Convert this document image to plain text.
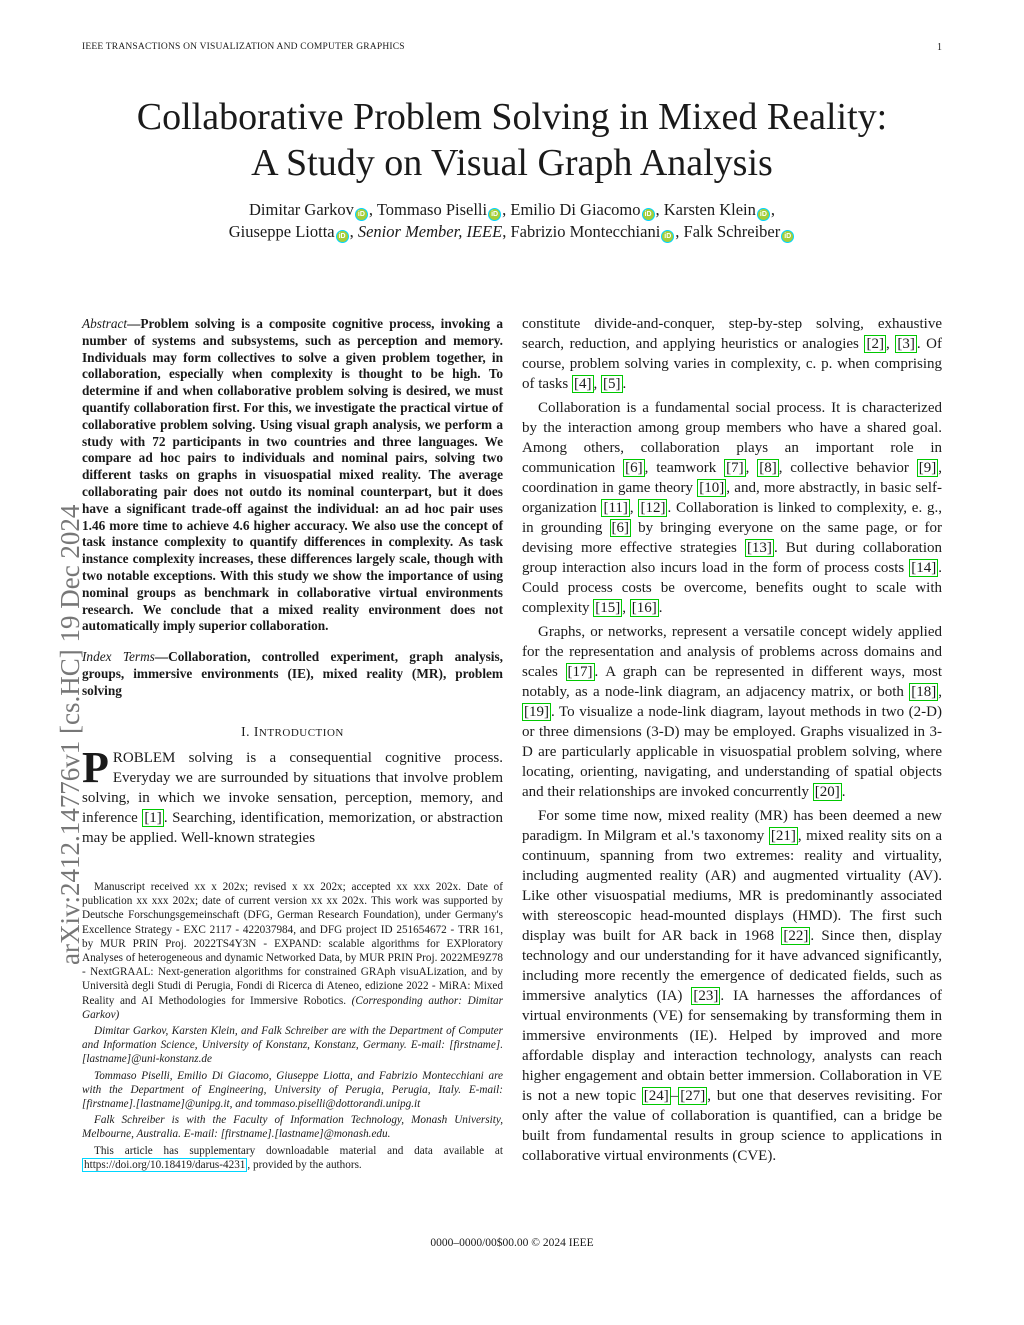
IEEE TRANSACTIONS ON VISUALIZATION AND COMPUTER GRAPHICS	1
arXiv:2412.14776v1 [cs.HC] 19 Dec 2024
Collaborative Problem Solving in Mixed Reality:
A Study on Visual Graph Analysis
Dimitar Garkov iD , Tommaso Piselli iD , Emilio Di Giacomo iD , Karsten Klein iD ,
Giuseppe Liotta iD , Senior Member, IEEE, Fabrizio Montecchiani iD , Falk Schreiber iD

Abstract—Problem solving is a composite cognitive process, invoking a number of systems and subsystems, such as perception and memory. Individuals may form collectives to solve a given problem together, in collaboration, especially when complexity is thought to be high. To determine if and when collaborative problem solving is desired, we must quantify collaboration first. For this, we investigate the practical virtue of collaborative problem solving. Using visual graph analysis, we perform a study with 72 participants in two countries and three languages. We compare ad hoc pairs to individuals and nominal pairs, solving two different tasks on graphs in visuospatial mixed reality. The average collaborating pair does not outdo its nominal counterpart, but it does have a significant trade-off against the individual: an ad hoc pair uses 1.46 more time to achieve 4.6 higher accuracy. We also use the concept of task instance complexity to quantify differences in complexity. As task instance complexity increases, these differences largely scale, though with two notable exceptions. With this study we show the importance of using nominal groups as benchmark in collaborative virtual environments research. We conclude that a mixed reality environment does not automatically imply superior collaboration.

Index Terms—Collaboration, controlled experiment, graph analysis, groups, immersive environments (IE), mixed reality (MR), problem solving

I. INTRODUCTION

PROBLEM solving is a consequential cognitive process. Everyday we are surrounded by situations that involve problem solving, in which we invoke sensation, perception, memory, and inference [1] . Searching, identification, memorization, or abstraction may be applied. Well-known strategies

Manuscript received xx x 202x; revised x xx 202x; accepted xx xxx 202x. Date of publication xx xxx 202x; date of current version xx xx 202x. This work was supported by Deutsche Forschungsgemeinschaft (DFG, German Research Foundation), under Germany's Excellence Strategy - EXC 2117 - 422037984, and DFG project ID 251654672 - TRR 161, by MUR PRIN Proj. 2022TS4Y3N - EXPAND: scalable algorithms for EXPloratory Analyses of heterogeneous and dynamic Networked Data, by MUR PRIN Proj. 2022ME9Z78 - NextGRAAL: Next-generation algorithms for constrained GRAph visuALization, and by Università degli Studi di Perugia, Fondi di Ricerca di Ateneo, edizione 2022 - MiRA: Mixed Reality and AI Methodologies for Immersive Robotics. (Corresponding author: Dimitar Garkov)

Dimitar Garkov, Karsten Klein, and Falk Schreiber are with the Department of Computer and Information Science, University of Konstanz, Konstanz, Germany. E-mail: [firstname].[lastname]@uni-konstanz.de

Tommaso Piselli, Emilio Di Giacomo, Giuseppe Liotta, and Fabrizio Montecchiani are with the Department of Engineering, University of Perugia, Perugia, Italy. E-mail: [firstname].[lastname]@unipg.it, and tommaso.piselli@dottorandi.unipg.it

Falk Schreiber is with the Faculty of Information Technology, Monash University, Melbourne, Australia. E-mail: [firstname].[lastname]@monash.edu.

This article has supplementary downloadable material and data available at https://doi.org/10.18419/darus-4231 , provided by the authors.

constitute divide-and-conquer, step-by-step solving, exhaustive search, reduction, and applying heuristics or analogies [2] , [3] . Of course, problem solving varies in complexity, c. p. when comprising of tasks [4] , [5] .

Collaboration is a fundamental social process. It is characterized by the interaction among group members who have a shared goal. Among others, collaboration plays an important role in communication [6] , teamwork [7] , [8] , collective behavior [9] , coordination in game theory [10] , and, more abstractly, in basic self-organization [11] , [12] . Collaboration is linked to complexity, e. g., in grounding [6] by bringing everyone on the same page, or for devising more effective strategies [13] . But during collaboration group interaction also incurs load in the form of process costs [14] . Could process costs be overcome, benefits ought to scale with complexity [15] , [16] .

Graphs, or networks, represent a versatile concept widely applied for the representation and analysis of problems across domains and scales [17] . A graph can be represented in different ways, most notably, as a node-link diagram, an adjacency matrix, or both [18] , [19] . To visualize a node-link diagram, layout methods in two (2-D) or three dimensions (3-D) may be employed. Graphs visualized in 3-D are particularly applicable in visuospatial problem solving, where locating, orienting, navigating, and understanding of spatial objects and their relationships are invoked concurrently [20] .

For some time now, mixed reality (MR) has been deemed a new paradigm. In Milgram et al.'s taxonomy [21] , mixed reality sits on a continuum, spanning from two extremes: reality and virtuality, including augmented reality (AR) and augmented virtuality (AV). Like other visuospatial mediums, MR is predominantly associated with stereoscopic head-mounted displays (HMD). The first such display was built for AR back in 1968 [22] . Since then, display technology and our understanding for it have advanced significantly, including more recently the emergence of dedicated fields, such as immersive analytics (IA) [23] . IA harnesses the affordances of virtual environments (VE) for sensemaking by transforming them in immersive environments (IE). Helped by improved and more affordable display and interaction technology, analysts can reach higher engagement and obtain better immersion. Collaboration in VE is not a new topic [24] – [27] , but one that deserves revisiting. For only after the value of collaboration is quantified, can a bridge be built from fundamental results in group science to applications in collaborative virtual environments (CVE).

0000–0000/00$00.00 © 2024 IEEE
